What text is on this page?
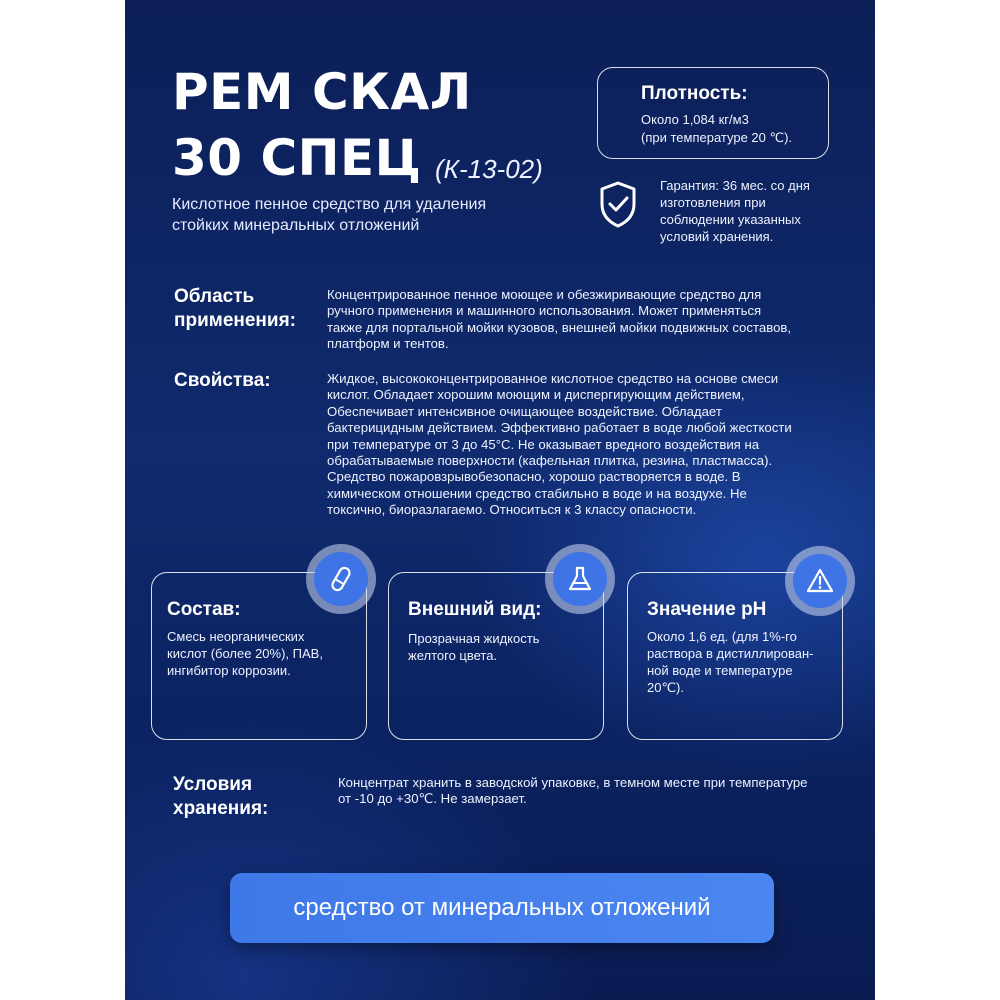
РЕМ СКАЛ
30 СПЕЦ (К-13-02)
Кислотное пенное средство для удаления
стойких минеральных отложений
Плотность:
Около 1,084 кг/м3
(при температуре 20 ℃).
Гарантия: 36 мес. со дня
изготовления при
соблюдении указанных
условий хранения.
Область
применения:
Концентрированное пенное моющее и обезжиривающие средство для
ручного применения и машинного использования. Может применяться
также для портальной мойки кузовов, внешней мойки подвижных составов,
платформ и тентов.
Свойства:	Жидкое, высококонцентрированное кислотное средство на основе смеси
кислот. Обладает хорошим моющим и диспергирующим действием,
Обеспечивает интенсивное очищающее воздействие. Обладает
бактерицидным действием. Эффективно работает в воде любой жесткости
при температуре от 3 до 45°С. Не оказывает вредного воздействия на
обрабатываемые поверхности (кафельная плитка, резина, пластмасса).
Средство пожаровзрывобезопасно, хорошо растворяется в воде. В
химическом отношении средство стабильно в воде и на воздухе. Не
токсично, биоразлагаемо. Относиться к 3 классу опасности.
Состав:
Смесь неорганических
кислот (более 20%), ПАВ,
ингибитор коррозии.
Внешний вид:
Прозрачная жидкость
желтого цвета.
Значение pH
Около 1,6 ед. (для 1%-го
раствора в дистиллирован-
ной воде и температуре
20℃).
Условия
хранения:
Концентрат хранить в заводской упаковке, в темном месте при температуре
от -10 до +30℃. Не замерзает.
средство от минеральных отложений
